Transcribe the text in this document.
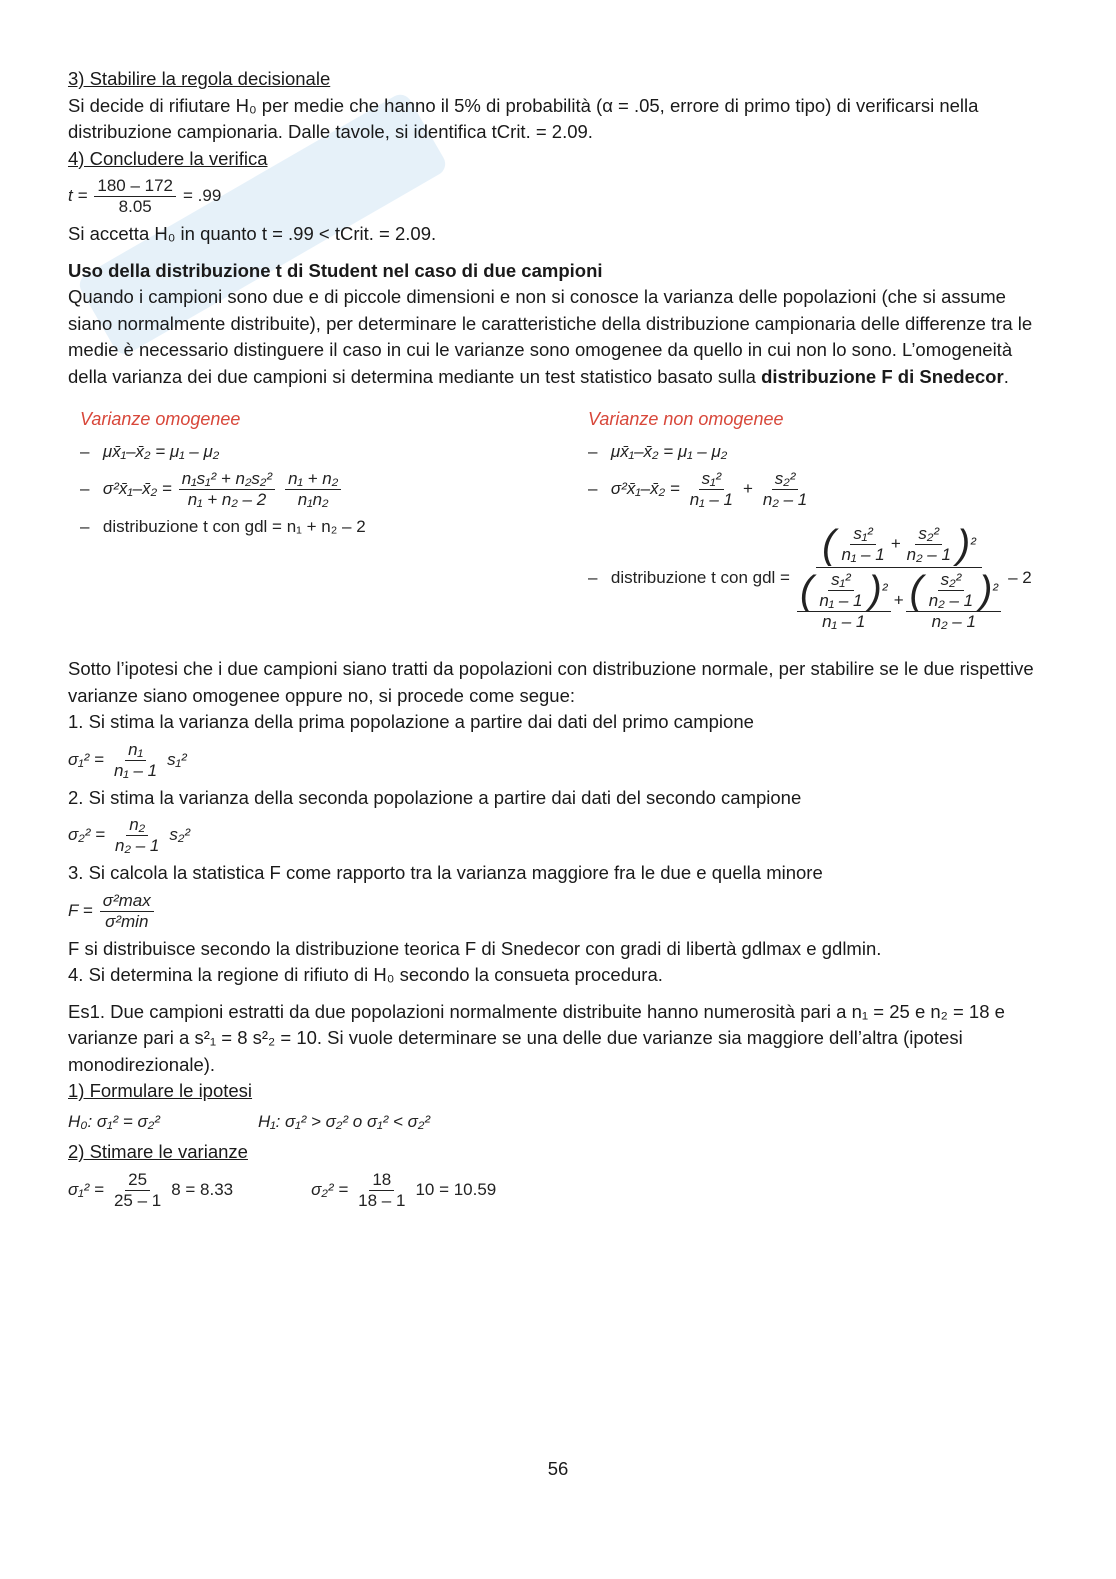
3) Stabilire la regola decisionale

Si decide di rifiutare H₀ per medie che hanno il 5% di probabilità (α = .05, errore di primo tipo) di verificarsi nella distribuzione campionaria. Dalle tavole, si identifica tCrit. = 2.09.

4) Concludere la verifica

$t = \frac{180 - 172}{8.05} = .99$

Si accetta H₀ in quanto t = .99 < tCrit. = 2.09.

Uso della distribuzione t di Student nel caso di due campioni

Quando i campioni sono due e di piccole dimensioni e non si conosce la varianza delle popolazioni (che si assume siano normalmente distribuite), per determinare le caratteristiche della distribuzione campionaria delle differenze tra le medie è necessario distinguere il caso in cui le varianze sono omogenee da quello in cui non lo sono. L’omogeneità della varianza dei due campioni si determina mediante un test statistico basato sulla distribuzione F di Snedecor.

Varianze omogenee
– μx̄₁–x̄₂ = μ₁ – μ₂
– σ²x̄₁–x̄₂ = $\frac{\text{n₁s₁² + n₂s₂²}}{\text{n₁ + n₂ – 2}} \frac{\text{n₁ + n₂}}{\text{n₁n₂}}$
– distribuzione t con gdl = n₁ + n₂ – 2
Varianze non omogenee
– μx̄₁–x̄₂ = μ₁ – μ₂
– σ²x̄₁–x̄₂ = $\frac{\text{s₁²}}{\text{n₁ – 1}} + \frac{\text{s₂²}}{\text{n₂ – 1}}$
– distribuzione t con gdl = $\frac{( \frac{\text{s₁²}}{\text{n₁ – 1}} + \frac{\text{s₂²}}{\text{n₂ – 1}} )^2}{\frac{( \frac{\text{s₁²}}{\text{n₁ – 1}} )^2}{\text{n₁ – 1}} + \frac{( \frac{\text{s₂²}}{\text{n₂ – 1}} )^2}{\text{n₂ – 1}}} - 2$

Sotto l’ipotesi che i due campioni siano tratti da popolazioni con distribuzione normale, per stabilire se le due rispettive varianze siano omogenee oppure no, si procede come segue:

1. Si stima la varianza della prima popolazione a partire dai dati del primo campione

$\sigma_1^2 = \frac{\text{n₁}}{\text{n₁ – 1}} s_1^2$

2. Si stima la varianza della seconda popolazione a partire dai dati del secondo campione

$\sigma_2^2 = \frac{\text{n₂}}{\text{n₂ – 1}} s_2^2$

3. Si calcola la statistica F come rapporto tra la varianza maggiore fra le due e quella minore

$F = \frac{\text{σ²max}}{\text{σ²min}}$

F si distribuisce secondo la distribuzione teorica F di Snedecor con gradi di libertà gdlmax e gdlmin.

4. Si determina la regione di rifiuto di H₀ secondo la consueta procedura.

Es1. Due campioni estratti da due popolazioni normalmente distribuite hanno numerosità pari a n₁ = 25 e n₂ = 18 e varianze pari a s²₁ = 8 s²₂ = 10. Si vuole determinare se una delle due varianze sia maggiore dell’altra (ipotesi monodirezionale).

1) Formulare le ipotesi

H₀: σ₁² = σ₂²	H₁: σ₁² > σ₂² o σ₁² < σ₂²

2) Stimare le varianze

$\sigma_1^2 = \frac{25}{25 - 1} 8 = 8.33$	$\sigma_2^2 = \frac{18}{18 - 1} 10 = 10.59$
56
